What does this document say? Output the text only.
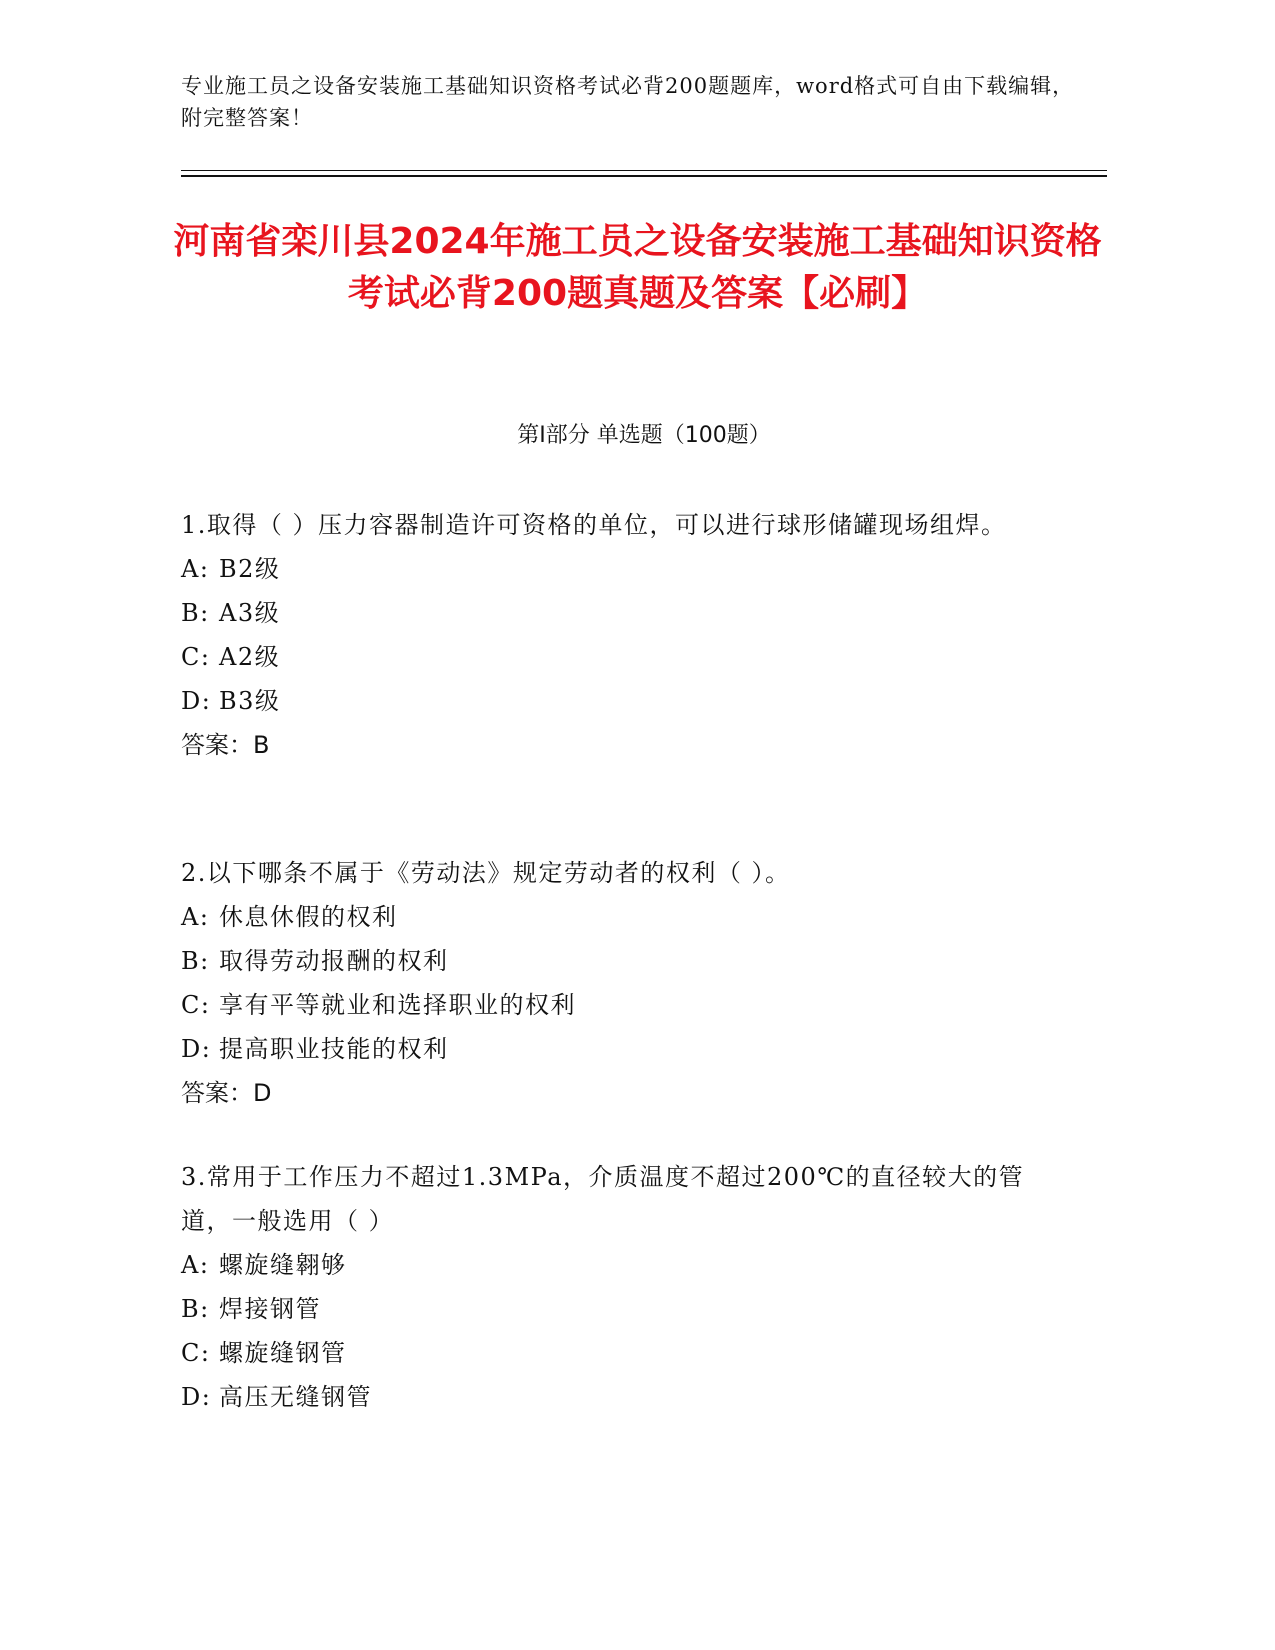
专业施工员之设备安装施工基础知识资格考试必背200题题库，word格式可自由下载编辑，附完整答案！
河南省栾川县2024年施工员之设备安装施工基础知识资格考试必背200题真题及答案【必刷】
第I部分 单选题（100题）
1.取得（ ）压力容器制造许可资格的单位，可以进行球形储罐现场组焊。
A: B2级
B: A3级
C: A2级
D: B3级
答案：B
2.以下哪条不属于《劳动法》规定劳动者的权利（ ）。
A: 休息休假的权利
B: 取得劳动报酬的权利
C: 享有平等就业和选择职业的权利
D: 提高职业技能的权利
答案：D
3.常用于工作压力不超过1.3MPa，介质温度不超过200℃的直径较大的管道，一般选用（ ）
A: 螺旋缝翱够
B: 焊接钢管
C: 螺旋缝钢管
D: 高压无缝钢管
